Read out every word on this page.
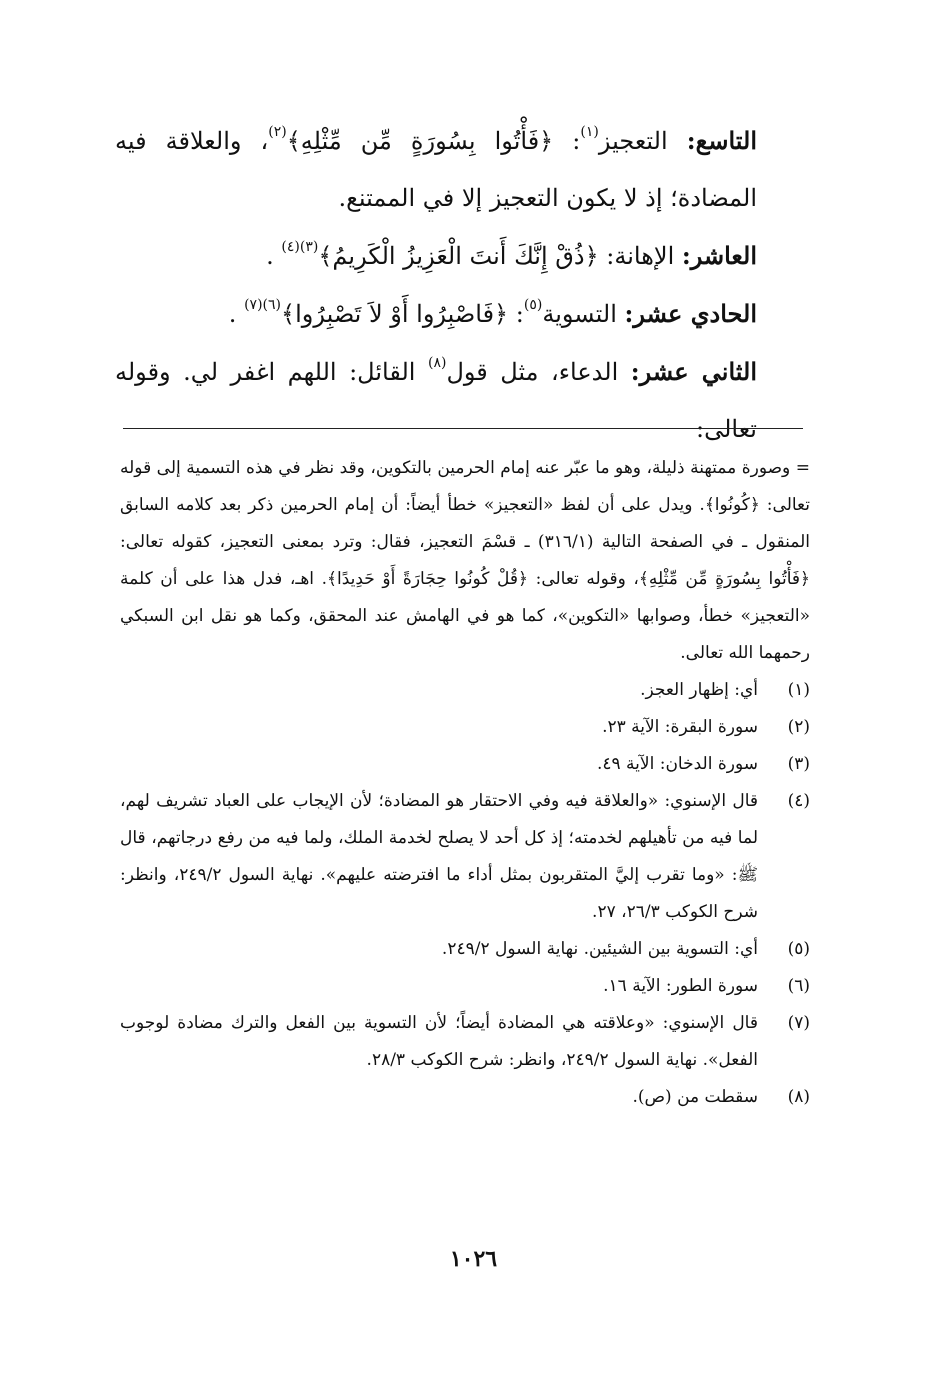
التاسع: التعجيز$^{(١)}$: ﴿فَأْتُوا بِسُورَةٍ مِّن مِّثْلِهِ﴾$^{(٢)}$، والعلاقة فيه المضادة؛ إذ لا يكون التعجيز إلا في الممتنع.

العاشر: الإهانة: ﴿ذُقْ إِنَّكَ أَنتَ الْعَزِيزُ الْكَرِيمُ﴾$^{(٣)(٤)}$ .

الحادي عشر: التسوية$^{(٥)}$: ﴿فَاصْبِرُوا أَوْ لاَ تَصْبِرُوا﴾$^{(٦)(٧)}$ .

الثاني عشر: الدعاء، مثل قول$^{(٨)}$ القائل: اللهم اغفر لي. وقوله تعالى:

= وصورة ممتهنة ذليلة، وهو ما عبّر عنه إمام الحرمين بالتكوين، وقد نظر في هذه التسمية إلى قوله تعالى: ﴿كُونُوا﴾. ويدل على أن لفظ «التعجيز» خطأ أيضاً: أن إمام الحرمين ذكر بعد كلامه السابق المنقول ـ في الصفحة التالية (٣١٦/١) ـ قسْمَ التعجيز، فقال: وترد بمعنى التعجيز، كقوله تعالى: ﴿فَأْتُوا بِسُورَةٍ مِّن مِّثْلِهِ﴾، وقوله تعالى: ﴿قُلْ كُونُوا حِجَارَةً أَوْ حَدِيدًا﴾. اهـ، فدل هذا على أن كلمة «التعجيز» خطأ، وصوابها «التكوين»، كما هو في الهامش عند المحقق، وكما هو نقل ابن السبكي رحمهما الله تعالى.

(١)
أي: إظهار العجز.
(٢)
سورة البقرة: الآية ٢٣.
(٣)
سورة الدخان: الآية ٤٩.
(٤)
قال الإسنوي: «والعلاقة فيه وفي الاحتقار هو المضادة؛ لأن الإيجاب على العباد تشريف لهم، لما فيه من تأهيلهم لخدمته؛ إذ كل أحد لا يصلح لخدمة الملك، ولما فيه من رفع درجاتهم، قال ﷺ: «وما تقرب إليَّ المتقربون بمثل أداء ما افترضته عليهم». نهاية السول ٢٤٩/٢، وانظر: شرح الكوكب ٢٦/٣، ٢٧.
(٥)
أي: التسوية بين الشيئين. نهاية السول ٢٤٩/٢.
(٦)
سورة الطور: الآية ١٦.
(٧)
قال الإسنوي: «وعلاقته هي المضادة أيضاً؛ لأن التسوية بين الفعل والترك مضادة لوجوب الفعل». نهاية السول ٢٤٩/٢، وانظر: شرح الكوكب ٢٨/٣.
(٨)
سقطت من (ص).
١٠٢٦
